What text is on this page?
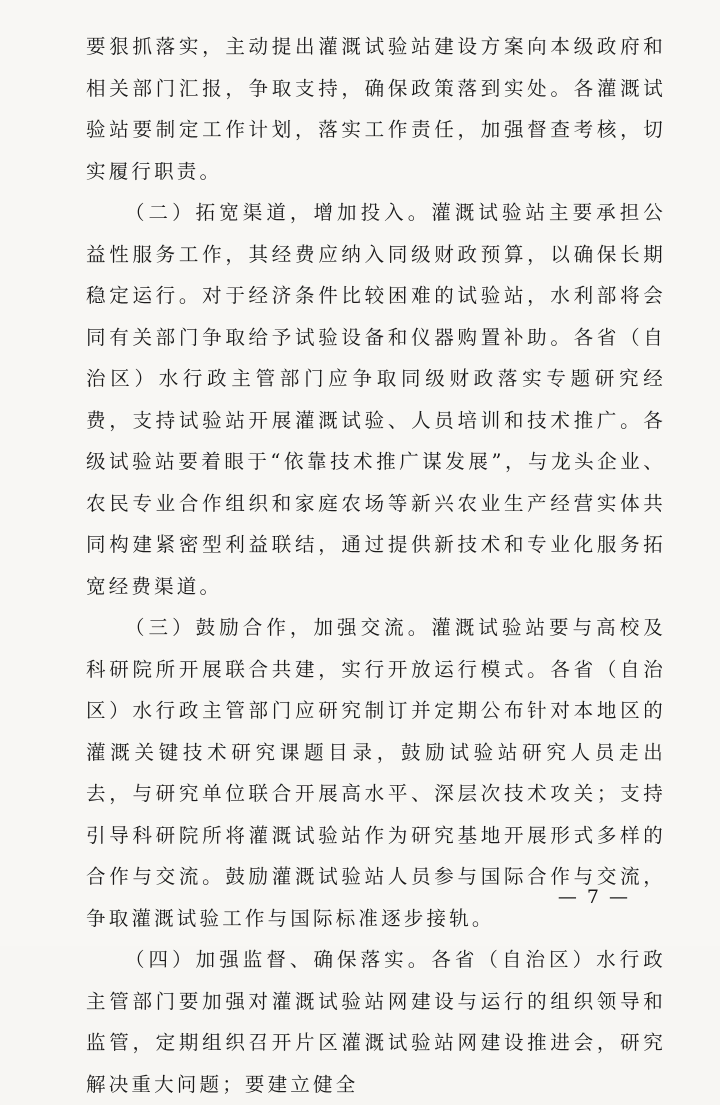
要狠抓落实，主动提出灌溉试验站建设方案向本级政府和相关部门汇报，争取支持，确保政策落到实处。各灌溉试验站要制定工作计划，落实工作责任，加强督查考核，切实履行职责。

（二）拓宽渠道，增加投入。灌溉试验站主要承担公益性服务工作，其经费应纳入同级财政预算，以确保长期稳定运行。对于经济条件比较困难的试验站，水利部将会同有关部门争取给予试验设备和仪器购置补助。各省（自治区）水行政主管部门应争取同级财政落实专题研究经费，支持试验站开展灌溉试验、人员培训和技术推广。各级试验站要着眼于“依靠技术推广谋发展”，与龙头企业、农民专业合作组织和家庭农场等新兴农业生产经营实体共同构建紧密型利益联结，通过提供新技术和专业化服务拓宽经费渠道。

（三）鼓励合作，加强交流。灌溉试验站要与高校及科研院所开展联合共建，实行开放运行模式。各省（自治区）水行政主管部门应研究制订并定期公布针对本地区的灌溉关键技术研究课题目录，鼓励试验站研究人员走出去，与研究单位联合开展高水平、深层次技术攻关；支持引导科研院所将灌溉试验站作为研究基地开展形式多样的合作与交流。鼓励灌溉试验站人员参与国际合作与交流，争取灌溉试验工作与国际标准逐步接轨。

（四）加强监督、确保落实。各省（自治区）水行政主管部门要加强对灌溉试验站网建设与运行的组织领导和监管，定期组织召开片区灌溉试验站网建设推进会，研究解决重大问题；要建立健全

— 7 —
